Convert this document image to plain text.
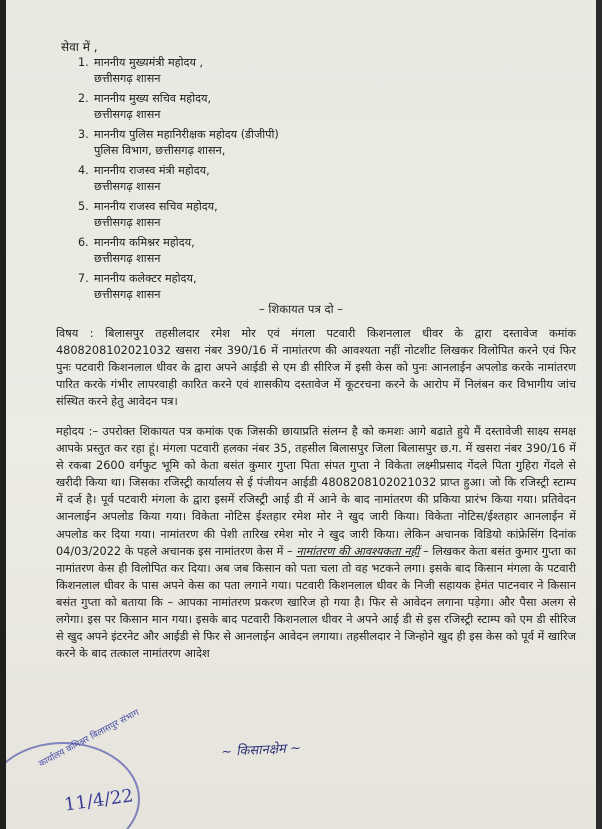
सेवा में ,
1. माननीय मुख्यमंत्री महोदय ,
छत्तीसगढ़ शासन
2. माननीय मुख्य सचिव महोदय,
छत्तीसगढ़ शासन
3. माननीय पुलिस महानिरीक्षक महोदय (डीजीपी)
पुलिस विभाग, छत्तीसगढ़ शासन,
4. माननीय राजस्व मंत्री महोदय,
छत्तीसगढ़ शासन
5. माननीय राजस्व सचिव महोदय,
छत्तीसगढ़ शासन
6. माननीय कमिश्नर महोदय,
छत्तीसगढ़ शासन
7. माननीय कलेक्टर महोदय,
छत्तीसगढ़ शासन
– शिकायत पत्र दो –

विषय : बिलासपुर तहसीलदार रमेश मोर एवं मंगला पटवारी किशनलाल धीवर के द्वारा दस्तावेज कमांक 4808208102021032 खसरा नंबर 390/16 में नामांतरण की आवश्यता नहीं नोटशीट लिखकर विलोपित करने एवं फिर पुनः पटवारी किशनलाल धीवर के द्वारा अपने आईडी से एम डी सीरिज में इसी केस को पुनः आनलाईन अपलोड करके नामांतरण पारित करके गंभीर लापरवाही कारित करने एवं शासकीय दस्तावेज में कूटरचना करने के आरोप में निलंबन कर विभागीय जांच संस्थित करने हेतु आवेदन पत्र।

महोदय :– उपरोक्त शिकायत पत्र कमांक एक जिसकी छायाप्रति संलग्न है को कमशः आगे बढाते हुये मैं दस्तावेजी साक्ष्य समक्ष आपके प्रस्तुत कर रहा हूं। मंगला पटवारी हलका नंबर 35, तहसील बिलासपुर जिला बिलासपुर छ.ग. में खसरा नंबर 390/16 में से रकबा 2600 वर्गफुट भूमि को केता बसंत कुमार गुप्ता पिता संपत गुप्ता ने विकेता लक्ष्मीप्रसाद गेंदले पिता गुहिरा गेंदले से खरीदी किया था। जिसका रजिस्ट्री कार्यालय से ई पंजीयन आईडी 4808208102021032 प्राप्त हुआ। जो कि रजिस्ट्री स्टाम्प में दर्ज है। पूर्व पटवारी मंगला के द्वारा इसमें रजिस्ट्री आई डी में आने के बाद नामांतरण की प्रकिया प्रारंभ किया गया। प्रतिवेदन आनलाईन अपलोड किया गया। विकेता नोटिस ईश्तहार रमेश मोर ने खुद जारी किया। विकेता नोटिस/ईश्तहार आनलाईन में अपलोड कर दिया गया। नामांतरण की पेशी तारिख रमेश मोर ने खुद जारी किया। लेकिन अचानक विडियो कांफ्रेसिंग दिनांक 04/03/2022 के पहले अचानक इस नामांतरण केस में – नामांतरण की आवश्यकता नहीं – लिखकर केता बसंत कुमार गुप्ता का नामांतरण केस ही विलोपित कर दिया। अब जब किसान को पता चला तो वह भटकने लगा। इसके बाद किसान मंगला के पटवारी किशनलाल धीवर के पास अपने केस का पता लगाने गया। पटवारी किशनलाल धीवर के निजी सहायक हेमंत पाटनवार ने किसान बसंत गुप्ता को बताया कि – आपका नामांतरण प्रकरण खारिज हो गया है। फिर से आवेदन लगाना पड़ेगा। और पैसा अलग से लगेगा। इस पर किसान मान गया। इसके बाद पटवारी किशनलाल धीवर ने अपने आई डी से इस रजिस्ट्री स्टाम्प को एम डी सीरिज से खुद अपने इंटरनेट और आईडी से फिर से आनलाईन आवेदन लगाया। तहसीलदार ने जिन्होने खुद ही इस केस को पूर्व में खारिज करने के बाद तत्काल नामांतरण आदेश

~ किसानक्षेम ~
कार्यालय कमिश्नर बिलासपुर संभाग
11/4/22
